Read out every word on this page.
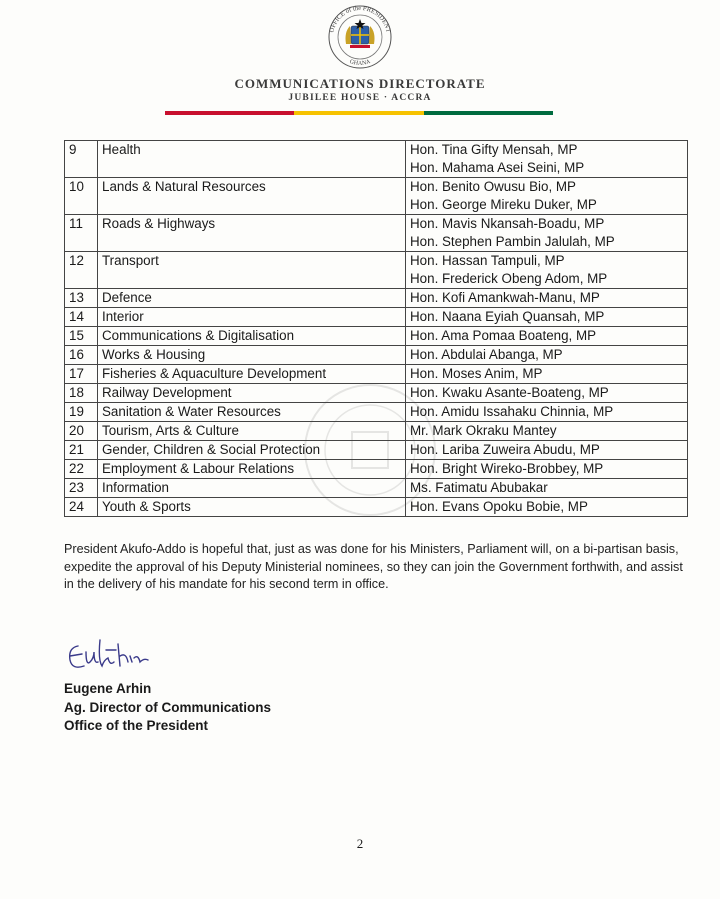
OFFICE of the PRESIDENT
GHANA
COMMUNICATIONS DIRECTORATE
JUBILEE HOUSE · ACCRA
9	Health	Hon. Tina Gifty Mensah, MP
Hon. Mahama Asei Seini, MP

10	Lands & Natural Resources	Hon. Benito Owusu Bio, MP
Hon. George Mireku Duker, MP

11	Roads & Highways	Hon. Mavis Nkansah-Boadu, MP
Hon. Stephen Pambin Jalulah, MP

12	Transport	Hon. Hassan Tampuli, MP
Hon. Frederick Obeng Adom, MP

13	Defence	Hon. Kofi Amankwah-Manu, MP

14	Interior	Hon. Naana Eyiah Quansah, MP

15	Communications & Digitalisation	Hon. Ama Pomaa Boateng, MP

16	Works & Housing	Hon. Abdulai Abanga, MP

17	Fisheries & Aquaculture Development	Hon. Moses Anim, MP

18	Railway Development	Hon. Kwaku Asante-Boateng, MP

19	Sanitation & Water Resources	Hon. Amidu Issahaku Chinnia, MP

20	Tourism, Arts & Culture	Mr. Mark Okraku Mantey

21	Gender, Children & Social Protection	Hon. Lariba Zuweira Abudu, MP

22	Employment & Labour Relations	Hon. Bright Wireko-Brobbey, MP

23	Information	Ms. Fatimatu Abubakar

24	Youth & Sports	Hon. Evans Opoku Bobie, MP
President Akufo-Addo is hopeful that, just as was done for his Ministers, Parliament will, on a bi-partisan basis, expedite the approval of his Deputy Ministerial nominees, so they can join the Government forthwith, and assist in the delivery of his mandate for his second term in office.
Eugene Arhin
Ag. Director of Communications
Office of the President
2
